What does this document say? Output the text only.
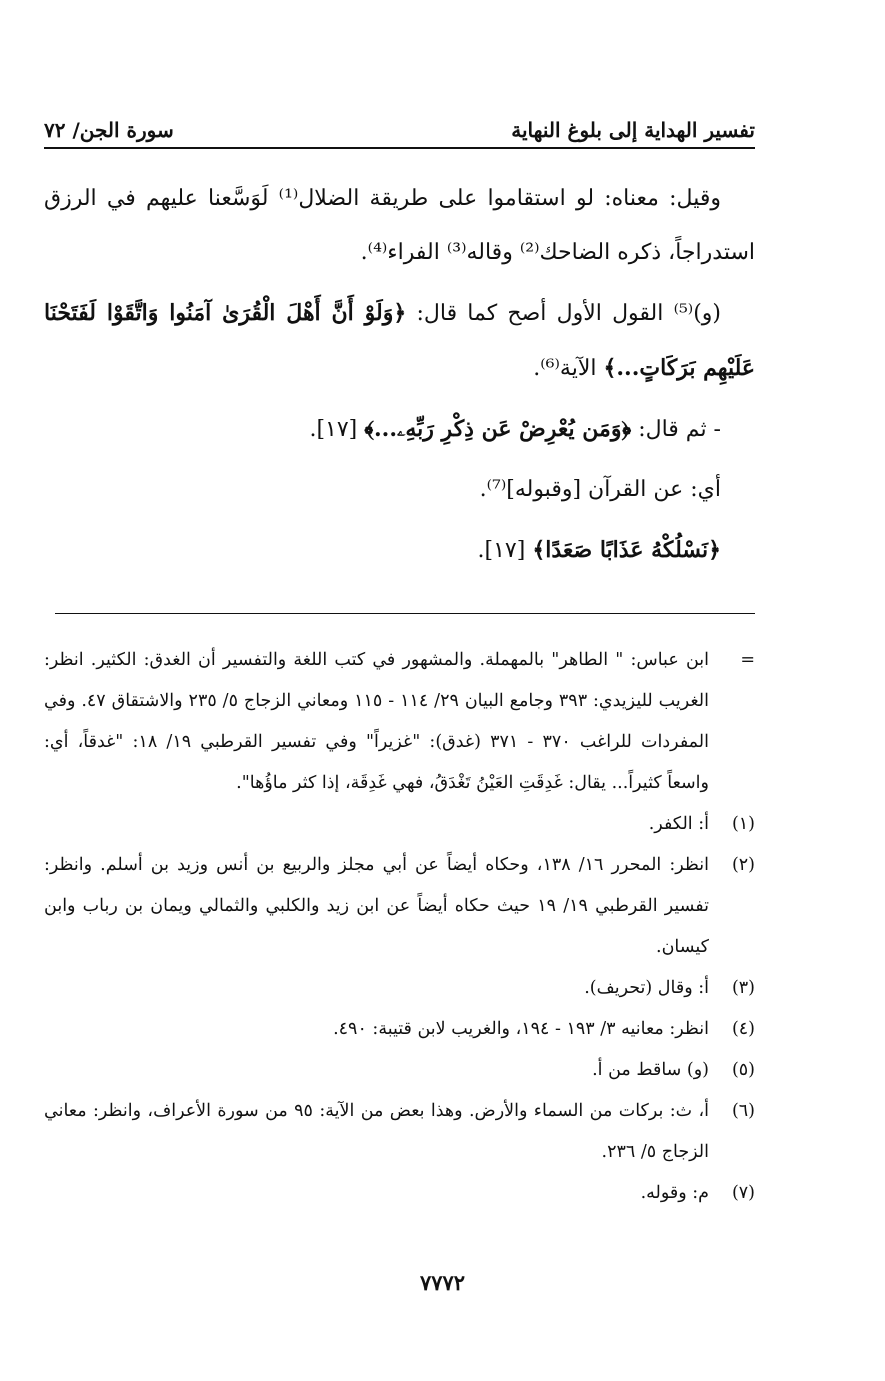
تفسير الهداية إلى بلوغ النهاية
سورة الجن/ ٧٢

وقيل: معناه: لو استقاموا على طريقة الضلال⁽¹⁾ لَوَسَّعنا عليهم في الرزق استدراجاً، ذكره الضاحك⁽²⁾ وقاله⁽³⁾ الفراء⁽⁴⁾.

(و)⁽⁵⁾ القول الأول أصح كما قال: ﴿وَلَوْ أَنَّ أَهْلَ الْقُرَىٰ آمَنُوا وَاتَّقَوْا لَفَتَحْنَا عَلَيْهِم بَرَكَاتٍ...﴾ الآية⁽⁶⁾.

- ثم قال: ﴿وَمَن يُعْرِضْ عَن ذِكْرِ رَبِّهِۦ...﴾ [١٧].

أي: عن القرآن [وقبوله]⁽⁷⁾.

﴿نَسْلُكْهُ عَذَابًا صَعَدًا﴾ [١٧].

=
ابن عباس: " الطاهر" بالمهملة. والمشهور في كتب اللغة والتفسير أن الغدق: الكثير. انظر: الغريب لليزيدي: ٣٩٣ وجامع البيان ٢٩/ ١١٤ - ١١٥ ومعاني الزجاج ٥/ ٢٣٥ والاشتقاق ٤٧. وفي المفردات للراغب ٣٧٠ - ٣٧١ (غدق): "غزيراً" وفي تفسير القرطبي ١٩/ ١٨: "غدقاً، أي: واسعاً كثيراً... يقال: غَدِقَتِ العَيْنُ تَغْدَقُ، فهي غَدِقَة، إذا كثر ماؤُها".
(١)
أ: الكفر.
(٢)
انظر: المحرر ١٦/ ١٣٨، وحكاه أيضاً عن أبي مجلز والربيع بن أنس وزيد بن أسلم. وانظر: تفسير القرطبي ١٩/ ١٩ حيث حكاه أيضاً عن ابن زيد والكلبي والثمالي ويمان بن رباب وابن كيسان.
(٣)
أ: وقال (تحريف).
(٤)
انظر: معانيه ٣/ ١٩٣ - ١٩٤، والغريب لابن قتيبة: ٤٩٠.
(٥)
(و) ساقط من أ.
(٦)
أ، ث: بركات من السماء والأرض. وهذا بعض من الآية: ٩٥ من سورة الأعراف، وانظر: معاني الزجاج ٥/ ٢٣٦.
(٧)
م: وقوله.
٧٧٧٢
